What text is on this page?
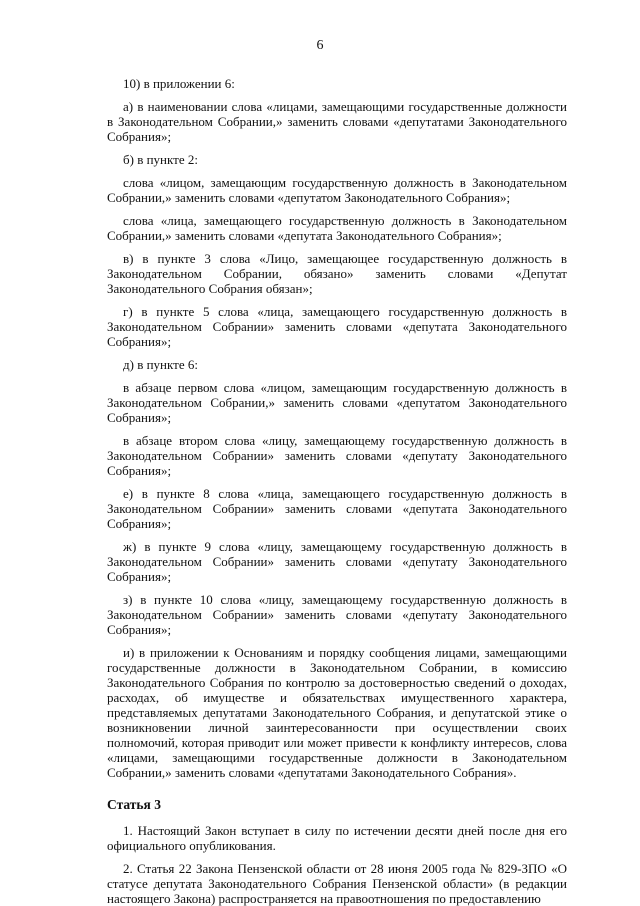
6

10) в приложении 6:

а) в наименовании слова «лицами, замещающими государственные должности в Законодательном Собрании,» заменить словами «депутатами Законодательного Собрания»;

б) в пункте 2:

слова «лицом, замещающим государственную должность в Законодательном Собрании,» заменить словами «депутатом Законодательного Собрания»;

слова «лица, замещающего государственную должность в Законодательном Собрании,» заменить словами «депутата Законодательного Собрания»;

в) в пункте 3 слова «Лицо, замещающее государственную должность в Законодательном Собрании, обязано» заменить словами «Депутат Законодательного Собрания обязан»;

г) в пункте 5 слова «лица, замещающего государственную должность в Законодательном Собрании» заменить словами «депутата Законодательного Собрания»;

д) в пункте 6:

в абзаце первом слова «лицом, замещающим государственную должность в Законодательном Собрании,» заменить словами «депутатом Законодательного Собрания»;

в абзаце втором слова «лицу, замещающему государственную должность в Законодательном Собрании» заменить словами «депутату Законодательного Собрания»;

е) в пункте 8 слова «лица, замещающего государственную должность в Законодательном Собрании» заменить словами «депутата Законодательного Собрания»;

ж) в пункте 9 слова «лицу, замещающему государственную должность в Законодательном Собрании» заменить словами «депутату Законодательного Собрания»;

з) в пункте 10 слова «лицу, замещающему государственную должность в Законодательном Собрании» заменить словами «депутату Законодательного Собрания»;

и) в приложении к Основаниям и порядку сообщения лицами, замещающими государственные должности в Законодательном Собрании, в комиссию Законодательного Собрания по контролю за достоверностью сведений о доходах, расходах, об имуществе и обязательствах имущественного характера, представляемых депутатами Законодательного Собрания, и депутатской этике о возникновении личной заинтересованности при осуществлении своих полномочий, которая приводит или может привести к конфликту интересов, слова «лицами, замещающими государственные должности в Законодательном Собрании,» заменить словами «депутатами Законодательного Собрания».

Статья 3

1. Настоящий Закон вступает в силу по истечении десяти дней после дня его официального опубликования.

2. Статья 22 Закона Пензенской области от 28 июня 2005 года № 829-ЗПО «О статусе депутата Законодательного Собрания Пензенской области» (в редакции настоящего Закона) распространяется на правоотношения по предоставлению
